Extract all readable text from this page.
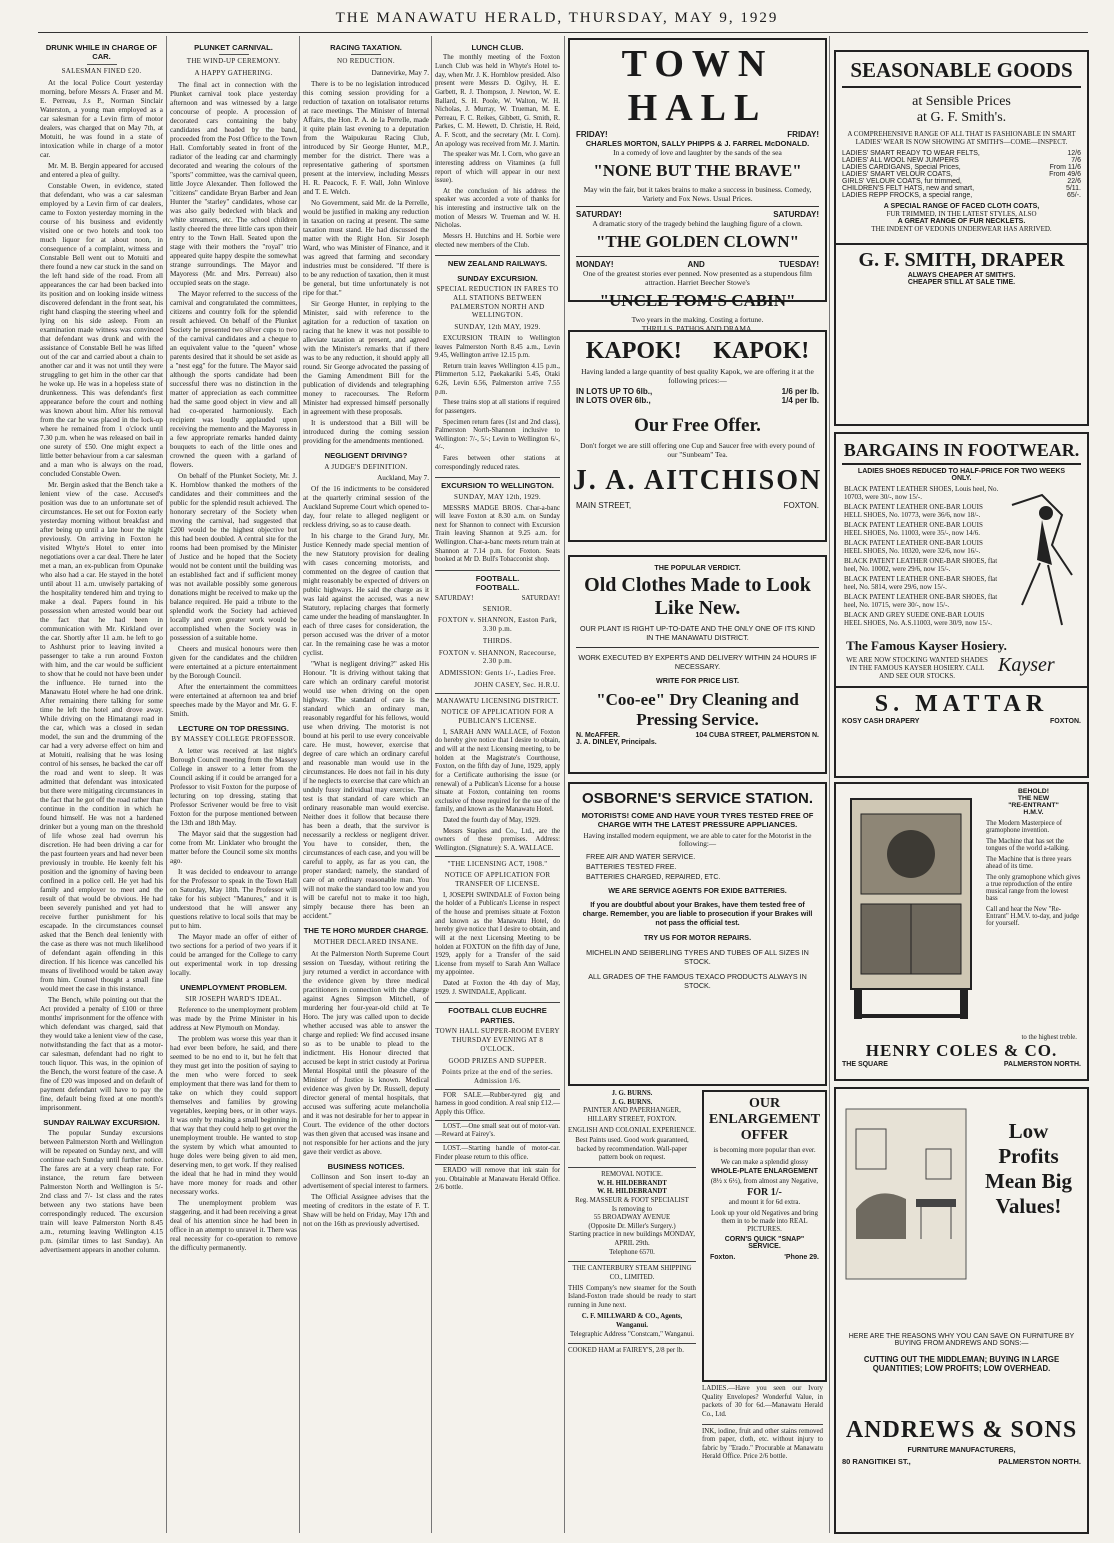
THE MANAWATU HERALD, THURSDAY, MAY 9, 1929
DRUNK WHILE IN CHARGE OF CAR.
SALESMAN FINED £20.

At the local Police Court yesterday morning, before Messrs A. Fraser and M. E. Perreau, J.s P., Norman Sinclair Waterston, a young man employed as a car salesman for a Levin firm of motor dealers, was charged that on May 7th, at Motuiti, he was found in a state of intoxication while in charge of a motor car.

Mr. M. B. Bergin appeared for accused and entered a plea of guilty.

Constable Owen, in evidence, stated that defendant, who was a car salesman employed by a Levin firm of car dealers, came to Foxton yesterday morning in the course of his business and evidently visited one or two hotels and took too much liquor for at about noon, in consequence of a complaint, witness and Constable Bell went out to Motuiti and there found a new car stuck in the sand on the left hand side of the road. From all appearances the car had been backed into its position and on looking inside witness discovered defendant in the front seat, his right hand clasping the steering wheel and lying on his side asleep. From an examination made witness was convinced that defendant was drunk and with the assistance of Constable Bell he was lifted out of the car and carried about a chain to another car and it was not until they were struggling to get him in the other car that he woke up. He was in a hopeless state of drunkenness. This was defendant's first appearance before the court and nothing was known about him. After his removal from the car he was placed in the lock-up where he remained from 1 o'clock until 7.30 p.m. when he was released on bail in one surety of £50. One might expect a little better behaviour from a car salesman and a man who is always on the road, concluded Constable Owen.

Mr. Bergin asked that the Bench take a lenient view of the case. Accused's position was due to an unfortunate set of circumstances. He set out for Foxton early yesterday morning without breakfast and after being up until a late hour the night previously. On arriving in Foxton he visited Whyte's Hotel to enter into negotiations over a car deal. There he later met a man, an ex-publican from Opunake who also had a car. He stayed in the hotel until about 11 a.m. unwisely partaking of the hospitality tendered him and trying to make a deal. Papers found in his possession when arrested would bear out the fact that he had been in communication with Mr. Kirkland over the car. Shortly after 11 a.m. he left to go to Ashhurst prior to leaving invited a passenger to take a run around Foxton with him, and the car would be sufficient to show that he could not have been under the influence. He turned into the Manawatu Hotel where he had one drink. After remaining there talking for some time he left the hotel and drove away. While driving on the Himatangi road in the car, which was a closed in sedan model, the sun and the drumming of the car had a very adverse effect on him and at Motuiti, realising that he was losing control of his senses, he backed the car off the road and went to sleep. It was admitted that defendant was intoxicated but there were mitigating circumstances in the fact that he got off the road rather than continue in the condition in which he found himself. He was not a hardened drinker but a young man on the threshold of life whose zeal had overrun his discretion. He had been driving a car for the past fourteen years and had never been previously in trouble. He keenly felt his position and the ignominy of having been confined in a police cell. He yet had his family and employer to meet and the result of that would be obvious. He had been severely punished and yet had to receive further punishment for his escapade. In the circumstances counsel asked that the Bench deal leniently with the case as there was not much likelihood of defendant again offending in this direction. If his licence was cancelled his means of livelihood would be taken away from him. Counsel thought a small fine would meet the case in this instance.

The Bench, while pointing out that the Act provided a penalty of £100 or three months' imprisonment for the offence with which defendant was charged, said that they would take a lenient view of the case, notwithstanding the fact that as a motor-car salesman, defendant had no right to touch liquor. This was, in the opinion of the Bench, the worst feature of the case. A fine of £20 was imposed and on default of payment defendant will have to pay the fine, default being fixed at one month's imprisonment.

SUNDAY RAILWAY EXCURSION.

The popular Sunday excursions between Palmerston North and Wellington will be repeated on Sunday next, and will continue each Sunday until further notice. The fares are at a very cheap rate. For instance, the return fare between Palmerston North and Wellington is 5/- 2nd class and 7/- 1st class and the rates between any two stations have been correspondingly reduced. The excursion train will leave Palmerston North 8.45 a.m., returning leaving Wellington 4.15 p.m. (similar times to last Sunday). An advertisement appears in another column.

PLUNKET CARNIVAL.
THE WIND-UP CEREMONY.
A HAPPY GATHERING.

The final act in connection with the Plunket carnival took place yesterday afternoon and was witnessed by a large concourse of people. A procession of decorated cars containing the baby candidates and headed by the band, proceeded from the Post Office to the Town Hall. Comfortably seated in front of the radiator of the leading car and charmingly decorated and wearing the colours of the "sports" committee, was the carnival queen, little Joyce Alexander. Then followed the "citizens" candidate Bryan Barber and Jean Hunter the "starley" candidates, whose car was also gaily bedecked with black and white streamers, etc. The school children lastly cheered the three little cars upon their entry to the Town Hall. Seated upon the stage with their mothers the "royal" trio appeared quite happy despite the somewhat strange surroundings. The Mayor and Mayoress (Mr. and Mrs. Perreau) also occupied seats on the stage.

The Mayor referred to the success of the carnival and congratulated the committees, citizens and country folk for the splendid result achieved. On behalf of the Plunket Society he presented two silver cups to two of the carnival candidates and a cheque to an equivalent value to the "queen" whose parents desired that it should be set aside as a "nest egg" for the future. The Mayor said although the sports candidate had been successful there was no distinction in the matter of appreciation as each committee had the same good object in view and all had co-operated harmoniously. Each recipient was loudly applauded upon receiving the memento and the Mayoress in a few appropriate remarks handed dainty bouquets to each of the little ones and crowned the queen with a garland of flowers.

On behalf of the Plunket Society, Mr. J. K. Hornblow thanked the mothers of the candidates and their committees and the public for the splendid result achieved. The honorary secretary of the Society when moving the carnival, had suggested that £200 would be the highest objective but this had been doubled. A central site for the rooms had been promised by the Minister of Justice and he hoped that the Society would not be content until the building was an established fact and if sufficient money was not available possibly some generous donations might be received to make up the balance required. He paid a tribute to the splendid work the Society had achieved locally and even greater work would be accomplished when the Society was in possession of a suitable home.

Cheers and musical honours were then given for the candidates and the children were entertained at a picture entertainment by the Borough Council.

After the entertainment the committees were entertained at afternoon tea and brief speeches made by the Mayor and Mr. G. F. Smith.

LECTURE ON TOP DRESSING.
BY MASSEY COLLEGE PROFESSOR.

A letter was received at last night's Borough Council meeting from the Massey College in answer to a letter from the Council asking if it could be arranged for a Professor to visit Foxton for the purpose of lecturing on top dressing, stating that Professor Scrivener would be free to visit Foxton for the purpose mentioned between the 13th and 18th May.

The Mayor said that the suggestion had come from Mr. Linklater who brought the matter before the Council some six months ago.

It was decided to endeavour to arrange for the Professor to speak in the Town Hall on Saturday, May 18th. The Professor will take for his subject "Manures," and it is understood that he will answer any questions relative to local soils that may be put to him.

The Mayor made an offer of either of two sections for a period of two years if it could be arranged for the College to carry out experimental work in top dressing locally.

UNEMPLOYMENT PROBLEM.
SIR JOSEPH WARD'S IDEAL.

Reference to the unemployment problem was made by the Prime Minister in his address at New Plymouth on Monday.

The problem was worse this year than it had ever been before, he said, and there seemed to be no end to it, but he felt that they must get into the position of saying to the men who were forced to seek employment that there was land for them to take on which they could support themselves and families by growing vegetables, keeping bees, or in other ways. It was only by making a small beginning in that way that they could help to get over the unemployment trouble. He wanted to stop the system by which what amounted to huge doles were being given to aid men, deserving men, to get work. If they realised the ideal that he had in mind they would have more money for roads and other necessary works.

The unemployment problem was staggering, and it had been receiving a great deal of his attention since he had been in office in an attempt to unravel it. There was real necessity for co-operation to remove the difficulty permanently.

RACING TAXATION.
NO REDUCTION.

Dannevirke, May 7.

There is to be no legislation introduced this coming session providing for a reduction of taxation on totalisator returns at race meetings. The Minister of Internal Affairs, the Hon. P. A. de la Perrelle, made it quite plain last evening to a deputation from the Waipukurau Racing Club, introduced by Sir George Hunter, M.P., member for the district. There was a representative gathering of sportsmen present at the interview, including Messrs H. R. Peacock, F. F. Wall, John Winlove and T. E. Welch.

No Government, said Mr. de la Perrelle, would be justified in making any reduction in taxation on racing at present. The same taxation must stand. He had discussed the matter with the Right Hon. Sir Joseph Ward, who was Minister of Finance, and it was agreed that farming and secondary industries must be considered. "If there is to be any reduction of taxation, then it must be general, but time unfortunately is not ripe for that."

Sir George Hunter, in replying to the Minister, said with reference to the agitation for a reduction of taxation on racing that he knew it was not possible to alleviate taxation at present, and agreed with the Minister's remarks that if there was to be any reduction, it should apply all round. Sir George advocated the passing of the Gaming Amendment Bill for the publication of dividends and telegraphing money to racecourses. The Reform Minister had expressed himself personally in agreement with these proposals.

It is understood that a Bill will be introduced during the coming session providing for the amendments mentioned.

NEGLIGENT DRIVING?
A JUDGE'S DEFINITION.

Auckland, May 7.

Of the 16 indictments to be considered at the quarterly criminal session of the Auckland Supreme Court which opened to-day, four relate to alleged negligent or reckless driving, so as to cause death.

In his charge to the Grand Jury, Mr. Justice Kennedy made special mention of the new Statutory provision for dealing with cases concerning motorists, and commented on the degree of caution that might reasonably be expected of drivers on public highways. He said the charge as it was laid against the accused, was a new Statutory, replacing charges that formerly came under the heading of manslaughter. In each of three cases for consideration, the person accused was the driver of a motor car. In the remaining case he was a motor cyclist.

"What is negligent driving?" asked His Honour. "It is driving without taking that care which an ordinary careful motorist would use when driving on the open highway. The standard of care is the standard which an ordinary man, reasonably regardful for his fellows, would use when driving. The motorist is not bound at his peril to use every conceivable care. He must, however, exercise that degree of care which an ordinary careful and reasonable man would use in the circumstances. He does not fail in his duty if he neglects to exercise that care which an unduly fussy individual may exercise. The test is that standard of care which an ordinary reasonable man would exercise. Neither does it follow that because there has been a death, that the survivor is necessarily a reckless or negligent driver. You have to consider, then, the circumstances of each case, and you will be careful to apply, as far as you can, the proper standard; namely, the standard of care of an ordinary reasonable man. You will not make the standard too low and you will be careful not to make it too high, simply because there has been an accident."

THE TE HORO MURDER CHARGE.
MOTHER DECLARED INSANE.

At the Palmerston North Supreme Court session on Tuesday, without retiring the jury returned a verdict in accordance with the evidence given by three medical practitioners in connection with the charge against Agnes Simpson Mitchell, of murdering her four-year-old child at Te Horo. The jury was called upon to decide whether accused was able to answer the charge and replied: We find accused insane so as to be unable to plead to the indictment. His Honour directed that accused be kept in strict custody at Porirua Mental Hospital until the pleasure of the Minister of Justice is known. Medical evidence was given by Dr. Russell, deputy director general of mental hospitals, that accused was suffering acute melancholia and it was not desirable for her to appear in Court. The evidence of the other doctors was then given that accused was insane and not responsible for her actions and the jury gave their verdict as above.

BUSINESS NOTICES.

Collinson and Son insert to-day an advertisement of special interest to farmers.

The Official Assignee advises that the meeting of creditors in the estate of F. T. Shaw will be held on Friday, May 17th and not on the 16th as previously advertised.

LUNCH CLUB.

The monthly meeting of the Foxton Lunch Club was held in Whyte's Hotel to-day, when Mr. J. K. Hornblow presided. Also present were Messrs D. Ogilvy, H. E. Garbett, R. J. Thompson, J. Newton, W. E. Ballard, S. H. Poole, W. Walton, W. H. Nicholas, J. Murray, W. Trueman, M. E. Perreau, F. C. Reikes, Gibbett, G. Smith, R. Parkes, C. M. Hewett, D. Christie, H. Reid, A. F. Scott, and the secretary (Mr. I. Corn). An apology was received from Mr. J. Martin.

The speaker was Mr. I. Corn, who gave an interesting address on Vitamines (a full report of which will appear in our next issue).

At the conclusion of his address the speaker was accorded a vote of thanks for his interesting and instructive talk on the motion of Messrs W. Trueman and W. H. Nicholas.

Messrs H. Hutchins and H. Sorbie were elected new members of the Club.

NEW ZEALAND RAILWAYS.
SUNDAY EXCURSION.
SPECIAL REDUCTION IN FARES TO ALL STATIONS BETWEEN PALMERSTON NORTH AND WELLINGTON.
SUNDAY, 12th MAY, 1929.

EXCURSION TRAIN to Wellington leaves Palmerston North 8.45 a.m., Levin 9.45, Wellington arrive 12.15 p.m.

Return train leaves Wellington 4.15 p.m., Plimmerton 5.12, Paekakariki 5.45, Otaki 6.26, Levin 6.56, Palmerston arrive 7.55 p.m.

These trains stop at all stations if required for passengers.

Specimen return fares (1st and 2nd class), Palmerston North-Shannon inclusive to Wellington: 7/-, 5/-; Levin to Wellington 6/-, 4/-.

Fares between other stations at correspondingly reduced rates.

EXCURSION TO WELLINGTON.
SUNDAY, MAY 12th, 1929.

MESSRS MADGE BROS. Char-a-banc will leave Foxton at 8.30 a.m. on Sunday next for Shannon to connect with Excursion Train leaving Shannon at 9.25 a.m. for Wellington. Char-a-banc meets return train at Shannon at 7.14 p.m. for Foxton. Seats booked at Mr D. Bull's Tobacconist shop.

FOOTBALL.
FOOTBALL.
SATURDAY!	SATURDAY!
SENIOR.
FOXTON v. SHANNON, Easton Park, 3.30 p.m.
THIRDS.
FOXTON v. SHANNON, Racecourse, 2.30 p.m.
ADMISSION: Gents 1/-, Ladies Free.
JOHN CASEY, Sec. H.R.U.
MANAWATU LICENSING DISTRICT.
NOTICE OF APPLICATION FOR A PUBLICAN'S LICENSE.

I, SARAH ANN WALLACE, of Foxton do hereby give notice that I desire to obtain, and will at the next Licensing meeting, to be holden at the Magistrate's Courthouse, Foxton, on the fifth day of June, 1929, apply for a Certificate authorising the issue (or renewal) of a Publican's License for a house situate at Foxton, containing ten rooms exclusive of those required for the use of the family, and known as the Manawatu Hotel.

Dated the fourth day of May, 1929.

Messrs Staples and Co., Ltd., are the owners of these premises. Address: Wellington. (Signature): S. A. WALLACE.

"THE LICENSING ACT, 1908."
NOTICE OF APPLICATION FOR TRANSFER OF LICENSE.

I, JOSEPH SWINDALE of Foxton being the holder of a Publican's License in respect of the house and premises situate at Foxton and known as the Manawatu Hotel, do hereby give notice that I desire to obtain, and will at the next Licensing Meeting to be holden at FOXTON on the fifth day of June, 1929, apply for a Transfer of the said License from myself to Sarah Ann Wallace my appointee.

Dated at Foxton the 4th day of May, 1929. J. SWINDALE, Applicant.

FOOTBALL CLUB EUCHRE PARTIES.
TOWN HALL SUPPER-ROOM EVERY THURSDAY EVENING AT 8 O'CLOCK.
GOOD PRIZES AND SUPPER.
Points prize at the end of the series. Admission 1/6.

FOR SALE.—Rubber-tyred gig and harness in good condition. A real snip £12.—Apply this Office.

LOST.—One small seat out of motor-van.—Reward at Fairey's.

LOST.—Starting handle of motor-car. Finder please return to this office.

ERADO will remove that ink stain for you. Obtainable at Manawatu Herald Office. 2/6 bottle.

TOWN HALL
FRIDAY!	FRIDAY!
CHARLES MORTON, SALLY PHIPPS & J. FARREL McDONALD.
In a comedy of love and laughter by the sands of the sea
"NONE BUT THE BRAVE"
May win the fair, but it takes brains to make a success in business. Comedy, Variety and Fox News. Usual Prices.
SATURDAY!	SATURDAY!
A dramatic story of the tragedy behind the laughing figure of a clown.
"THE GOLDEN CLOWN"
MONDAY!	AND	TUESDAY!
One of the greatest stories ever penned. Now presented as a stupendous film attraction. Harriet Beecher Stowe's
"UNCLE TOM'S CABIN"
Two years in the making. Costing a fortune.
THRILLS, PATHOS AND DRAMA.
KAPOK! KAPOK!
Having landed a large quantity of best quality Kapok, we are offering it at the following prices:—
IN LOTS UP TO 6lb.,	1/6 per lb.
IN LOTS OVER 6lb.,	1/4 per lb.
Our Free Offer.
Don't forget we are still offering one Cup and Saucer free with every pound of our "Sunbeam" Tea.
J. A. AITCHISON
MAIN STREET,	FOXTON.
THE POPULAR VERDICT.
Old Clothes Made to Look Like New.
OUR PLANT IS RIGHT UP-TO-DATE AND THE ONLY ONE OF ITS KIND IN THE MANAWATU DISTRICT.
WORK EXECUTED BY EXPERTS AND DELIVERY WITHIN 24 HOURS IF NECESSARY.
WRITE FOR PRICE LIST.
"Coo-ee" Dry Cleaning and Pressing Service.
N. McAFFER.	104 CUBA STREET, PALMERSTON N.
J. A. DINLEY, Principals.
OSBORNE'S SERVICE STATION.
MOTORISTS! COME AND HAVE YOUR TYRES TESTED FREE OF CHARGE WITH THE LATEST PRESSURE APPLIANCES.
Having installed modern equipment, we are able to cater for the Motorist in the following:—
FREE AIR AND WATER SERVICE.
BATTERIES TESTED FREE.
BATTERIES CHARGED, REPAIRED, ETC.
WE ARE SERVICE AGENTS FOR EXIDE BATTERIES.
If you are doubtful about your Brakes, have them tested free of charge. Remember, you are liable to prosecution if your Brakes will not pass the official test.
TRY US FOR MOTOR REPAIRS.
MICHELIN AND SEIBERLING TYRES AND TUBES OF ALL SIZES IN STOCK.
ALL GRADES OF THE FAMOUS TEXACO PRODUCTS ALWAYS IN STOCK.
J. G. BURNS.
J. G. BURNS.
PAINTER AND PAPERHANGER, HILLARY STREET, FOXTON.
ENGLISH AND COLONIAL EXPERIENCE.
Best Paints used. Good work guaranteed, backed by recommendation. Wall-paper pattern book on request.
REMOVAL NOTICE.
W. H. HILDEBRANDT
W. H. HILDEBRANDT
Reg. MASSEUR & FOOT SPECIALIST
Is removing to
55 BROADWAY AVENUE
(Opposite Dr. Miller's Surgery.)
Starting practice in new buildings MONDAY, APRIL 29th.
Telephone 6570.
THE CANTERBURY STEAM SHIPPING CO., LIMITED.
THIS Company's new steamer for the South Island-Foxton trade should be ready to start running in June next.
C. F. MILLWARD & CO., Agents, Wanganui.
Telegraphic Address "Constcam," Wanganui.
COOKED HAM at FAIREY'S, 2/8 per lb.
OUR
ENLARGEMENT
OFFER
is becoming more popular than ever.
We can make a splendid glossy
WHOLE-PLATE ENLARGEMENT
(8½ x 6½), from almost any Negative,
FOR 1/-
and mount it for 6d extra.
Look up your old Negatives and bring them in to be made into REAL PICTURES.
CORN'S QUICK "SNAP" SERVICE.
Foxton.	'Phone 29.

LADIES.—Have you seen our Ivory Quality Envelopes? Wonderful Value, in packets of 30 for 6d.—Manawatu Herald Co., Ltd.

INK, iodine, fruit and other stains removed from paper, cloth, etc. without injury to fabric by "Erado." Procurable at Manawatu Herald Office. Price 2/6 bottle.

SEASONABLE GOODS
at Sensible Prices
at G. F. Smith's.
A COMPREHENSIVE RANGE OF ALL THAT IS FASHIONABLE IN SMART LADIES' WEAR IS NOW SHOWING AT SMITH'S—COME—INSPECT.
LADIES' SMART READY TO WEAR FELTS,	12/6
LADIES' ALL WOOL NEW JUMPERS	7/6
LADIES CARDIGANS, Special Prices,	From 11/6
LADIES' SMART VELOUR COATS,	From 49/6
GIRLS' VELOUR COATS, fur trimmed,	22/6
CHILDREN'S FELT HATS, new and smart,	5/11.
LADIES REPP FROCKS, a special range,	65/-.
A SPECIAL RANGE OF FACED CLOTH COATS,
FUR TRIMMED, IN THE LATEST STYLES, ALSO
A GREAT RANGE OF FUR NECKLETS.
THE INDENT OF VEDONIS UNDERWEAR HAS ARRIVED.
G. F. SMITH, DRAPER
ALWAYS CHEAPER AT SMITH'S.
CHEAPER STILL AT SALE TIME.
BARGAINS IN FOOTWEAR.
LADIES SHOES REDUCED TO HALF-PRICE FOR TWO WEEKS ONLY.
BLACK PATENT LEATHER SHOES, Louis heel, No. 10703, were 30/-, now 15/-.
BLACK PATENT LEATHER ONE-BAR LOUIS HELL SHOES, No. 10773, were 36/6, now 18/-.
BLACK PATENT LEATHER ONE-BAR LOUIS HEEL SHOES, No. 11003, were 35/-, now 14/6.
BLACK PATENT LEATHER ONE-BAR LOUIS HEEL SHOES, No. 10320, were 32/6, now 16/-.
BLACK PATENT LEATHER ONE-BAR SHOES, flat heel, No. 10002, were 29/6, now 15/-.
BLACK PATENT LEATHER ONE-BAR SHOES, flat heel, No. 5814, were 29/6, now 15/-.
BLACK PATENT LEATHER ONE-BAR SHOES, flat heel, No. 10715, were 30/-, now 15/-.
BLACK AND GREY SUEDE ONE-BAR LOUIS HEEL SHOES, No. A.S.11003, were 30/9, now 15/-.
The Famous Kayser Hosiery.
WE ARE NOW STOCKING WANTED SHADES IN THE FAMOUS KAYSER HOSIERY. CALL AND SEE OUR STOCKS.	Kayser
S. MATTAR
KOSY CASH DRAPERY	FOXTON.
BEHOLD!
THE NEW
"RE-ENTRANT"
H.M.V.
The Modern Masterpiece of gramophone invention.
The Machine that has set the tongues of the world a-talking.
The Machine that is three years ahead of its time.
The only gramophone which gives a true reproduction of the entire musical range from the lowest bass
Call and hear the New "Re-Entrant" H.M.V. to-day, and judge for yourself.
to the highest treble.
HENRY COLES & CO.
THE SQUARE	PALMERSTON NORTH.
Low
Profits
Mean Big
Values!
HERE ARE THE REASONS WHY YOU CAN SAVE ON FURNITURE BY BUYING FROM ANDREWS AND SONS:—
CUTTING OUT THE MIDDLEMAN; BUYING IN LARGE QUANTITIES; LOW PROFITS; LOW OVERHEAD.
ANDREWS & SONS
FURNITURE MANUFACTURERS,
80 RANGITIKEI ST.,	PALMERSTON NORTH.
